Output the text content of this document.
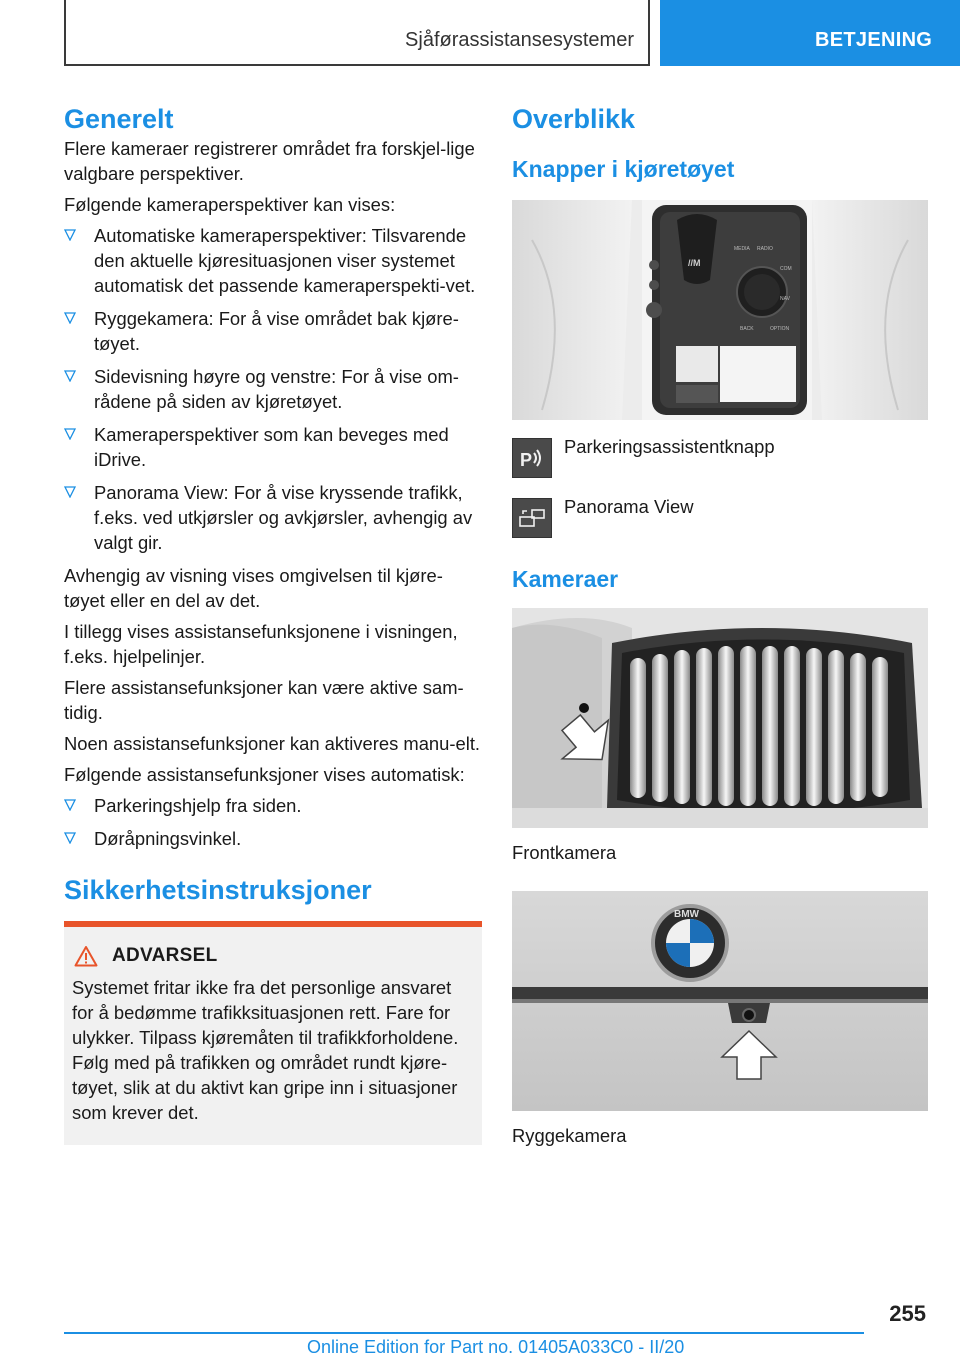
Sjåførassistansesystemer	BETJENING
Generelt

Flere kameraer registrerer området fra forskjel-lige valgbare perspektiver.

Følgende kameraperspektiver kan vises:

Automatiske kameraperspektiver: Tilsvarende den aktuelle kjøresituasjonen viser systemet automatisk det passende kameraperspekti-vet.
Ryggekamera: For å vise området bak kjøre-tøyet.
Sidevisning høyre og venstre: For å vise om-rådene på siden av kjøretøyet.
Kameraperspektiver som kan beveges med iDrive.
Panorama View: For å vise kryssende trafikk, f.eks. ved utkjørsler og avkjørsler, avhengig av valgt gir.

Avhengig av visning vises omgivelsen til kjøre-tøyet eller en del av det.

I tillegg vises assistansefunksjonene i visningen, f.eks. hjelpelinjer.

Flere assistansefunksjoner kan være aktive sam-tidig.

Noen assistansefunksjoner kan aktiveres manu-elt.

Følgende assistansefunksjoner vises automatisk:

Parkeringshjelp fra siden.
Døråpningsvinkel.
Sikkerhetsinstruksjoner
ADVARSEL

Systemet fritar ikke fra det personlige ansvaret for å bedømme trafikksituasjonen rett. Fare for ulykker. Tilpass kjøremåten til trafikkforholdene. Følg med på trafikken og området rundt kjøre-tøyet, slik at du aktivt kan gripe inn i situasjoner som krever det.

Overblikk
Knapper i kjøretøyet
//M
MEDIA RADIO
COM
NAV
BACK	OPTION
P
Parkeringsassistentknapp
Panorama View
Kameraer
Frontkamera
BMW
Ryggekamera
255
Online Edition for Part no. 01405A033C0 - II/20
